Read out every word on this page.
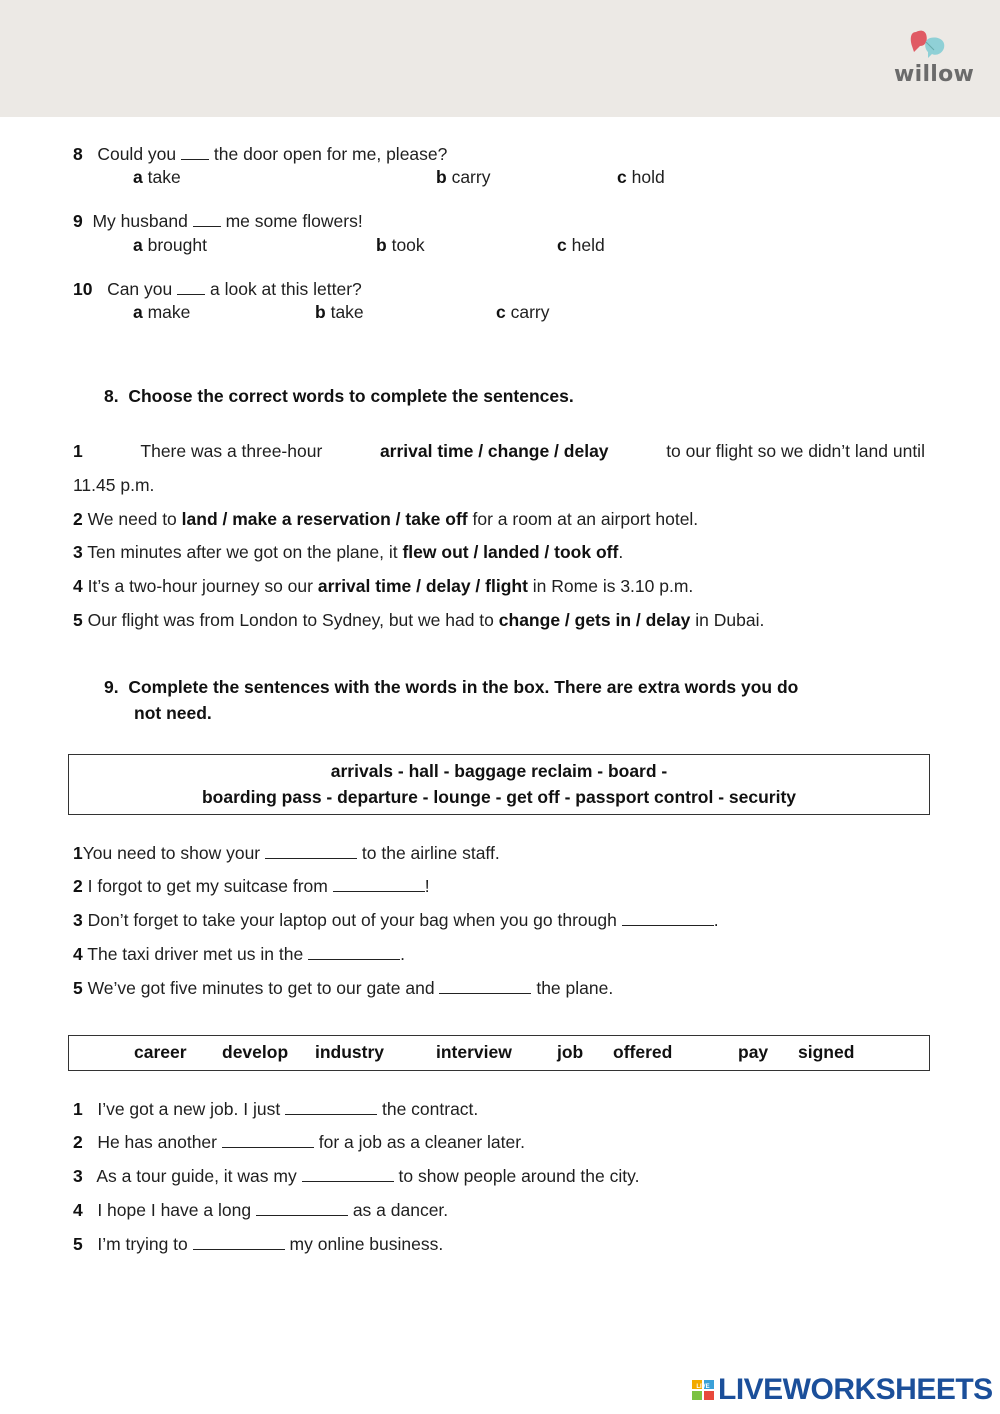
willow
8 Could you the door open for me, please?
a take	b carry	c hold
9 My husband me some flowers!
a brought	b took	c held
10 Can you a look at this letter?
a make	b take	c carry
8. Choose the correct words to complete the sentences.
1	There was a three-hour	arrival time / change / delay	to our flight so we didn’t land until
11.45 p.m.
2 We need to land / make a reservation / take off for a room at an airport hotel.
3 Ten minutes after we got on the plane, it flew out / landed / took off.
4 It’s a two-hour journey so our arrival time / delay / flight in Rome is 3.10 p.m.
5 Our flight was from London to Sydney, but we had to change / gets in / delay in Dubai.
9. Complete the sentences with the words in the box. There are extra words you do
not need.
arrivals - hall - baggage reclaim - board -
boarding pass - departure - lounge - get off - passport control - security
1You need to show your	to the airline staff.
2 I forgot to get my suitcase from	!
3 Don’t forget to take your laptop out of your bag when you go through	.
4 The taxi driver met us in the	.
5 We’ve got five minutes to get to our gate and	the plane.
career develop industry	interview	job offered	pay signed
1 I’ve got a new job. I just	the contract.
2 He has another	for a job as a cleaner later.
3 As a tour guide, it was my	to show people around the city.
4 I hope I have a long	as a dancer.
5 I’m trying to	my online business.
LIVE LIVEWORKSHEETS
